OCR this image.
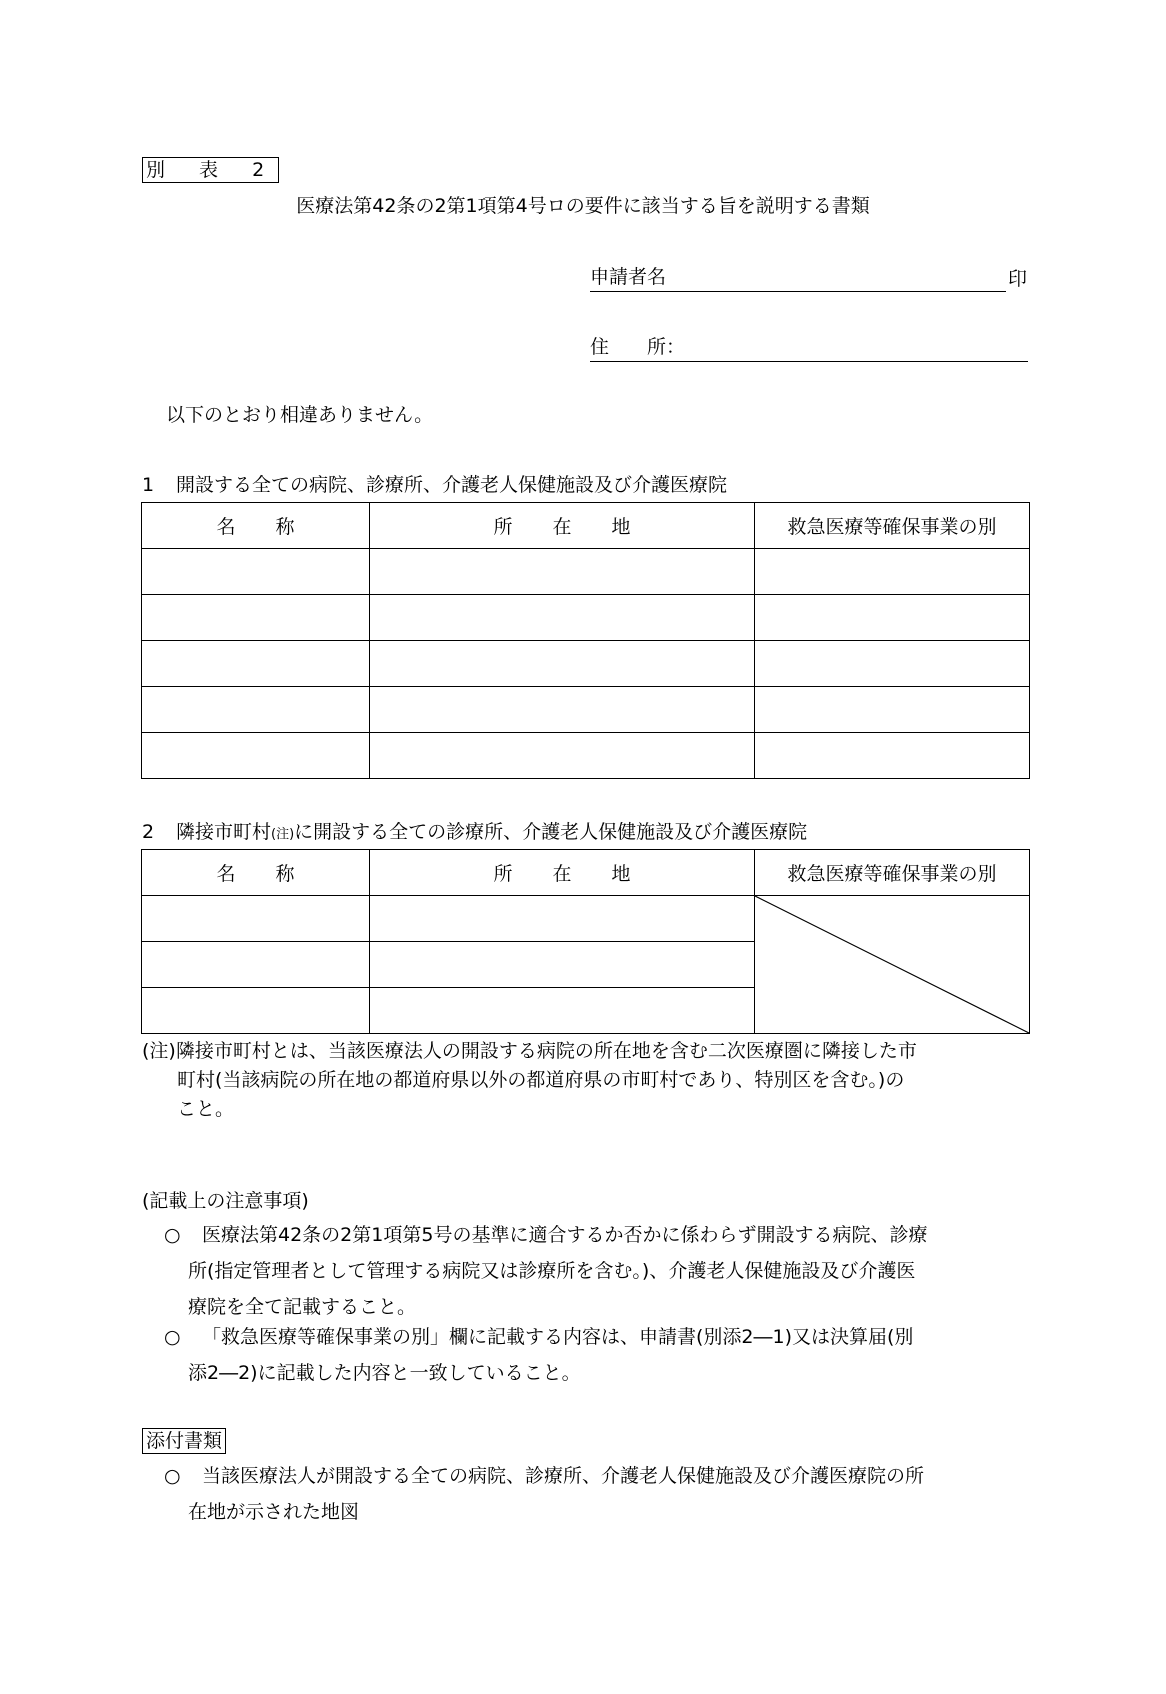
別 表 2
医療法第42条の2第1項第4号ロの要件に該当する旨を説明する書類
申請者名	印
住　　所：
以下のとおり相違ありません。
1 開設する全ての病院、診療所、介護老人保健施設及び介護医療院
名称	所在地	救急医療等確保事業の別

2 隣接市町村(注)に開設する全ての診療所、介護老人保健施設及び介護医療院
名称	所在地	救急医療等確保事業の別

(注)隣接市町村とは、当該医療法人の開設する病院の所在地を含む二次医療圏に隣接した市
町村(当該病院の所在地の都道府県以外の都道府県の市町村であり、特別区を含む。)の
こと。
(記載上の注意事項)
○	医療法第42条の2第1項第5号の基準に適合するか否かに係わらず開設する病院、診療
所(指定管理者として管理する病院又は診療所を含む。)、介護老人保健施設及び介護医
療院を全て記載すること。
○	「救急医療等確保事業の別」欄に記載する内容は、申請書(別添2―1)又は決算届(別
添2―2)に記載した内容と一致していること。
添付書類
○	当該医療法人が開設する全ての病院、診療所、介護老人保健施設及び介護医療院の所
在地が示された地図
